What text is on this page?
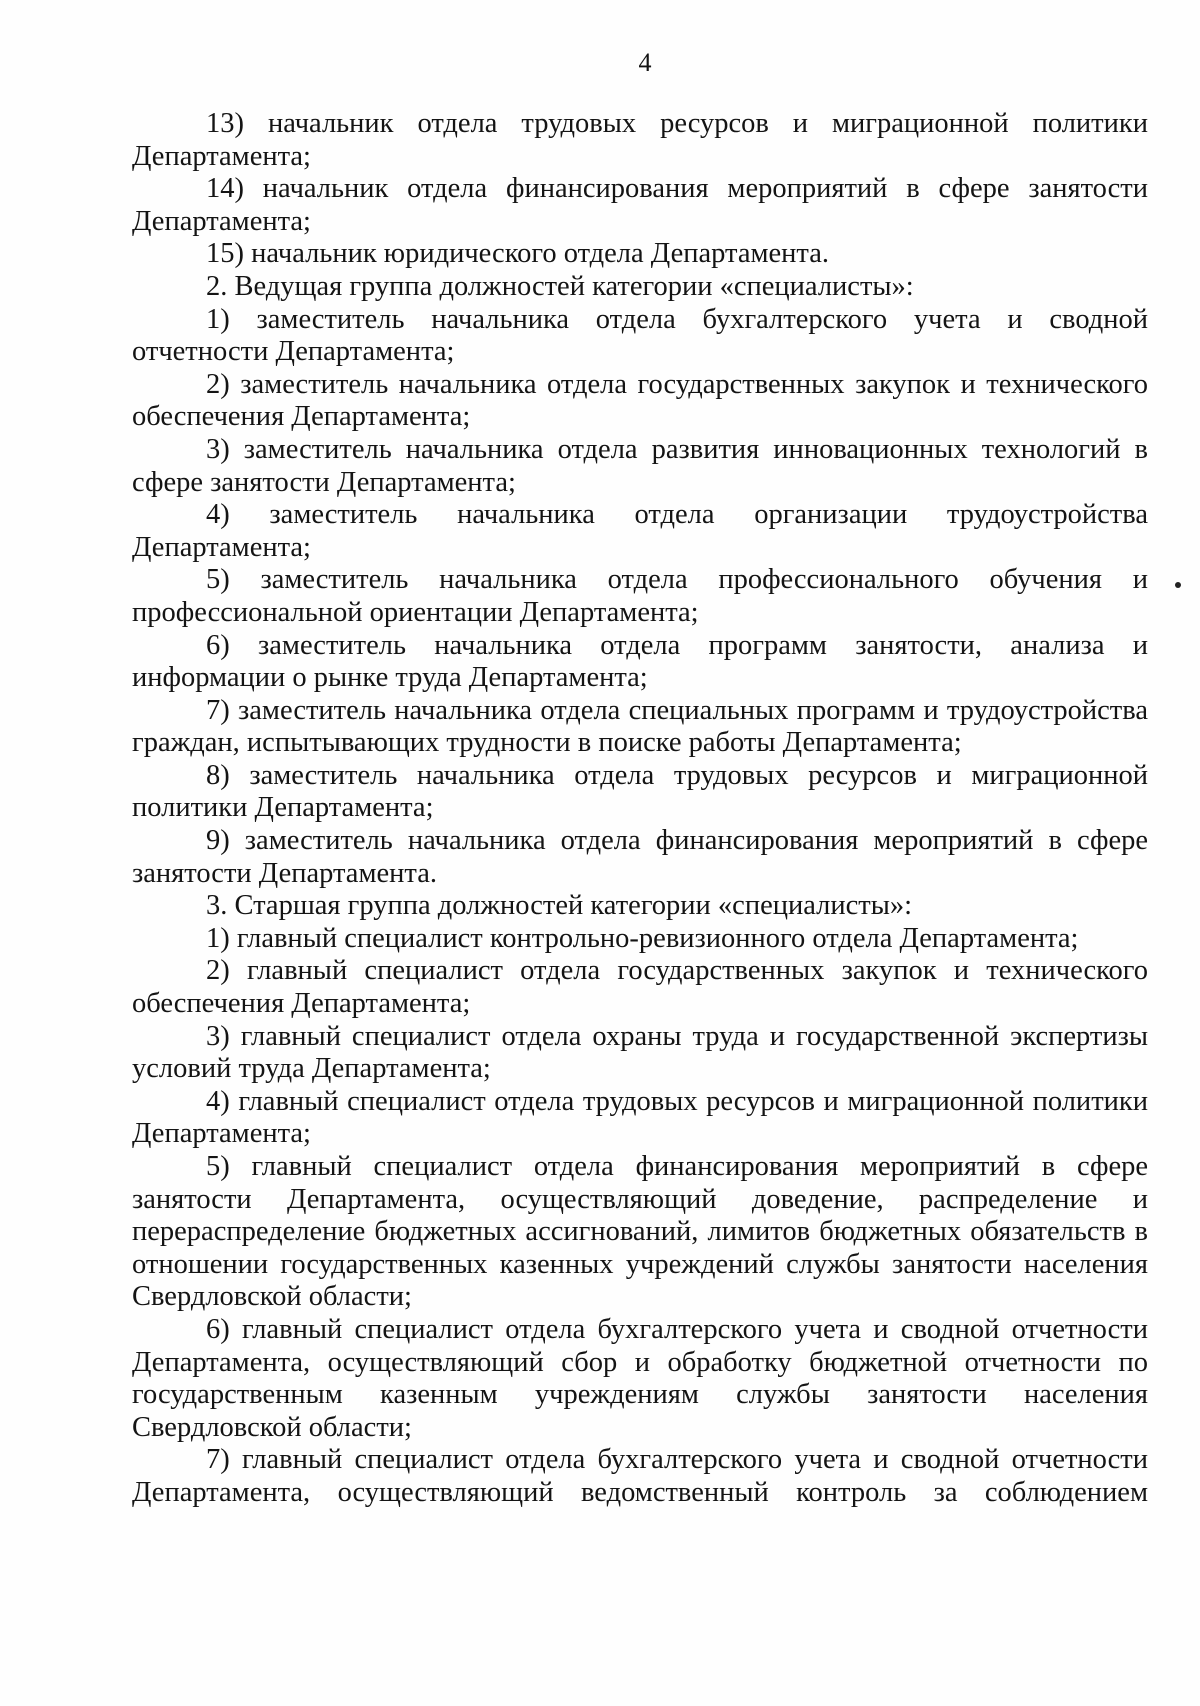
4

13) начальник отдела трудовых ресурсов и миграционной политики Департамента;

14) начальник отдела финансирования мероприятий в сфере занятости Департамента;

15) начальник юридического отдела Департамента.

2. Ведущая группа должностей категории «специалисты»:

1) заместитель начальника отдела бухгалтерского учета и сводной отчетности Департамента;

2) заместитель начальника отдела государственных закупок и технического обеспечения Департамента;

3) заместитель начальника отдела развития инновационных технологий в сфере занятости Департамента;

4) заместитель начальника отдела организации трудоустройства Департамента;

5) заместитель начальника отдела профессионального обучения и профессиональной ориентации Департамента;

6) заместитель начальника отдела программ занятости, анализа и информации о рынке труда Департамента;

7) заместитель начальника отдела специальных программ и трудоустройства граждан, испытывающих трудности в поиске работы Департамента;

8) заместитель начальника отдела трудовых ресурсов и миграционной политики Департамента;

9) заместитель начальника отдела финансирования мероприятий в сфере занятости Департамента.

3. Старшая группа должностей категории «специалисты»:

1) главный специалист контрольно-ревизионного отдела Департамента;

2) главный специалист отдела государственных закупок и технического обеспечения Департамента;

3) главный специалист отдела охраны труда и государственной экспертизы условий труда Департамента;

4) главный специалист отдела трудовых ресурсов и миграционной политики Департамента;

5) главный специалист отдела финансирования мероприятий в сфере занятости Департамента, осуществляющий доведение, распределение и перераспределение бюджетных ассигнований, лимитов бюджетных обязательств в отношении государственных казенных учреждений службы занятости населения Свердловской области;

6) главный специалист отдела бухгалтерского учета и сводной отчетности Департамента, осуществляющий сбор и обработку бюджетной отчетности по государственным казенным учреждениям службы занятости населения Свердловской области;

7) главный специалист отдела бухгалтерского учета и сводной отчетности Департамента, осуществляющий ведомственный контроль за соблюдением
